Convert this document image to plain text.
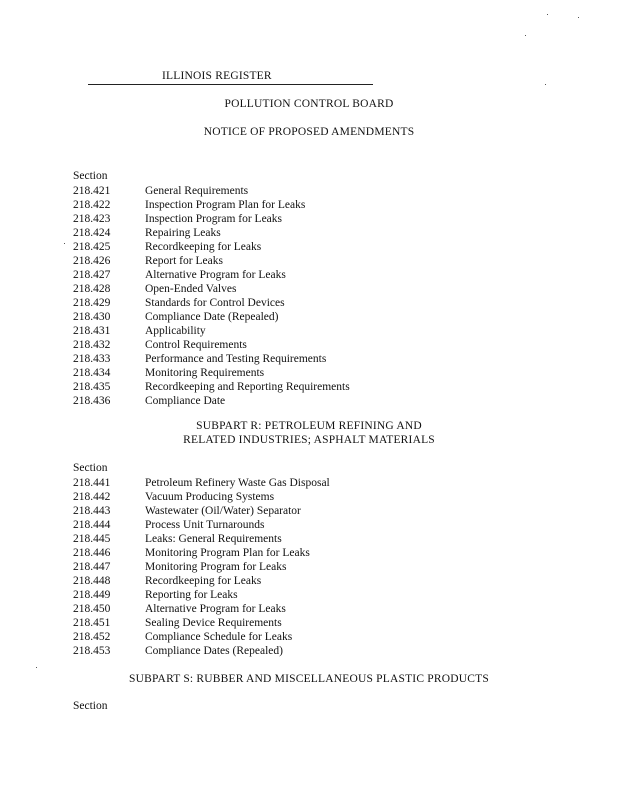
ILLINOIS REGISTER
POLLUTION CONTROL BOARD
NOTICE OF PROPOSED AMENDMENTS
Section
218.421	General Requirements
218.422	Inspection Program Plan for Leaks
218.423	Inspection Program for Leaks
218.424	Repairing Leaks
218.425	Recordkeeping for Leaks
218.426	Report for Leaks
218.427	Alternative Program for Leaks
218.428	Open-Ended Valves
218.429	Standards for Control Devices
218.430	Compliance Date (Repealed)
218.431	Applicability
218.432	Control Requirements
218.433	Performance and Testing Requirements
218.434	Monitoring Requirements
218.435	Recordkeeping and Reporting Requirements
218.436	Compliance Date
SUBPART R: PETROLEUM REFINING AND
RELATED INDUSTRIES; ASPHALT MATERIALS
Section
218.441	Petroleum Refinery Waste Gas Disposal
218.442	Vacuum Producing Systems
218.443	Wastewater (Oil/Water) Separator
218.444	Process Unit Turnarounds
218.445	Leaks: General Requirements
218.446	Monitoring Program Plan for Leaks
218.447	Monitoring Program for Leaks
218.448	Recordkeeping for Leaks
218.449	Reporting for Leaks
218.450	Alternative Program for Leaks
218.451	Sealing Device Requirements
218.452	Compliance Schedule for Leaks
218.453	Compliance Dates (Repealed)
SUBPART S: RUBBER AND MISCELLANEOUS PLASTIC PRODUCTS
Section
